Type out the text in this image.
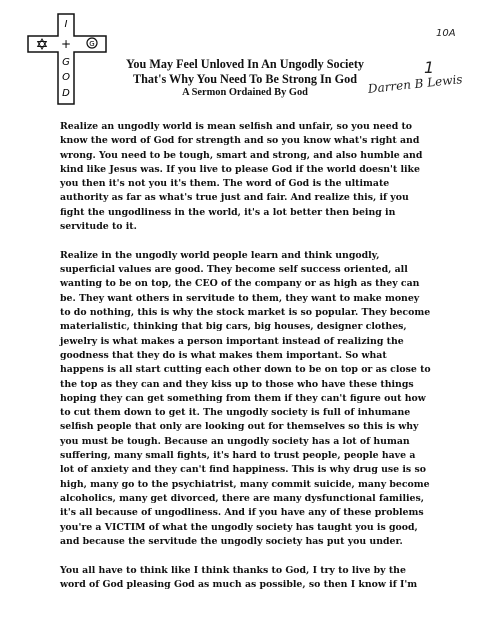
G
I
+
G
O
D
10A
1
Darren B Lewis
You May Feel Unloved In An Ungodly Society
That's Why You Need To Be Strong In God
A Sermon Ordained By God
Realize an ungodly world is mean selfish and unfair, so you need to
know the word of God for strength and so you know what's right and
wrong. You need to be tough, smart and strong, and also humble and
kind like Jesus was. If you live to please God if the world doesn't like
you then it's not you it's them. The word of God is the ultimate
authority as far as what's true just and fair. And realize this, if you
fight the ungodliness in the world, it's a lot better then being in
servitude to it.
Realize in the ungodly world people learn and think ungodly,
superficial values are good. They become self success oriented, all
wanting to be on top, the CEO of the company or as high as they can
be. They want others in servitude to them, they want to make money
to do nothing, this is why the stock market is so popular. They become
materialistic, thinking that big cars, big houses, designer clothes,
jewelry is what makes a person important instead of realizing the
goodness that they do is what makes them important. So what
happens is all start cutting each other down to be on top or as close to
the top as they can and they kiss up to those who have these things
hoping they can get something from them if they can't figure out how
to cut them down to get it. The ungodly society is full of inhumane
selfish people that only are looking out for themselves so this is why
you must be tough. Because an ungodly society has a lot of human
suffering, many small fights, it's hard to trust people, people have a
lot of anxiety and they can't find happiness. This is why drug use is so
high, many go to the psychiatrist, many commit suicide, many become
alcoholics, many get divorced, there are many dysfunctional families,
it's all because of ungodliness. And if you have any of these problems
you're a VICTIM of what the ungodly society has taught you is good,
and because the servitude the ungodly society has put you under.
You all have to think like I think thanks to God, I try to live by the
word of God pleasing God as much as possible, so then I know if I'm
